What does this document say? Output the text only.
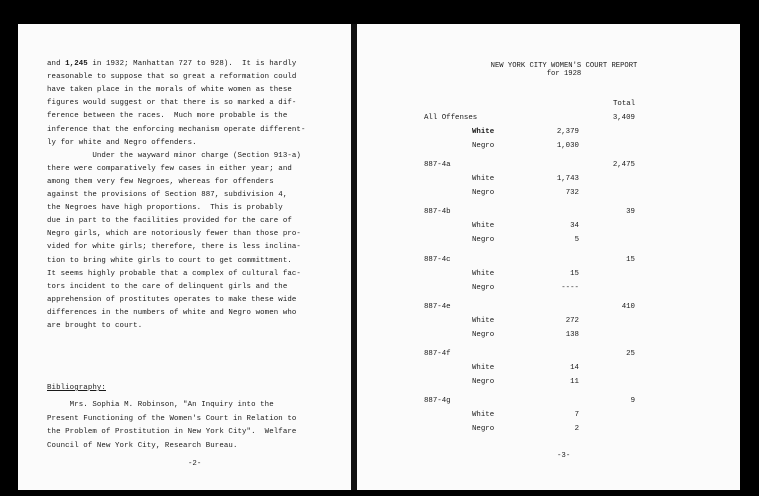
and 1,245 in 1932; Manhattan 727 to 928).  It is hardly
reasonable to suppose that so great a reformation could
have taken place in the morals of white women as these
figures would suggest or that there is so marked a dif-
ference between the races.  Much more probable is the
inference that the enforcing mechanism operate different-
ly for white and Negro offenders.
Under the wayward minor charge (Section 913-a)
there were comparatively few cases in either year; and
among them very few Negroes, whereas for offenders
against the provisions of Section 887, subdivision 4,
the Negroes have high proportions.  This is probably
due in part to the facilities provided for the care of
Negro girls, which are notoriously fewer than those pro-
vided for white girls; therefore, there is less inclina-
tion to bring white girls to court to get committment.
It seems highly probable that a complex of cultural fac-
tors incident to the care of delinquent girls and the
apprehension of prostitutes operates to make these wide
differences in the numbers of white and Negro women who
are brought to court.
Bibliography:
Mrs. Sophia M. Robinson, "An Inquiry into the
Present Functioning of the Women's Court in Relation to
the Problem of Prostitution in New York City".  Welfare
Council of New York City, Research Bureau.
-2-
NEW YORK CITY WOMEN'S COURT REPORT
for 1928
Total
All Offenses	3,409
White	2,379
Negro	1,030
887-4a	2,475
White	1,743
Negro	732
887-4b	39
White	34
Negro	5
887-4c	15
White	15
Negro	----
887-4e	410
White	272
Negro	138
887-4f	25
White	14
Negro	11
887-4g	9
White	7
Negro	2
-3-
